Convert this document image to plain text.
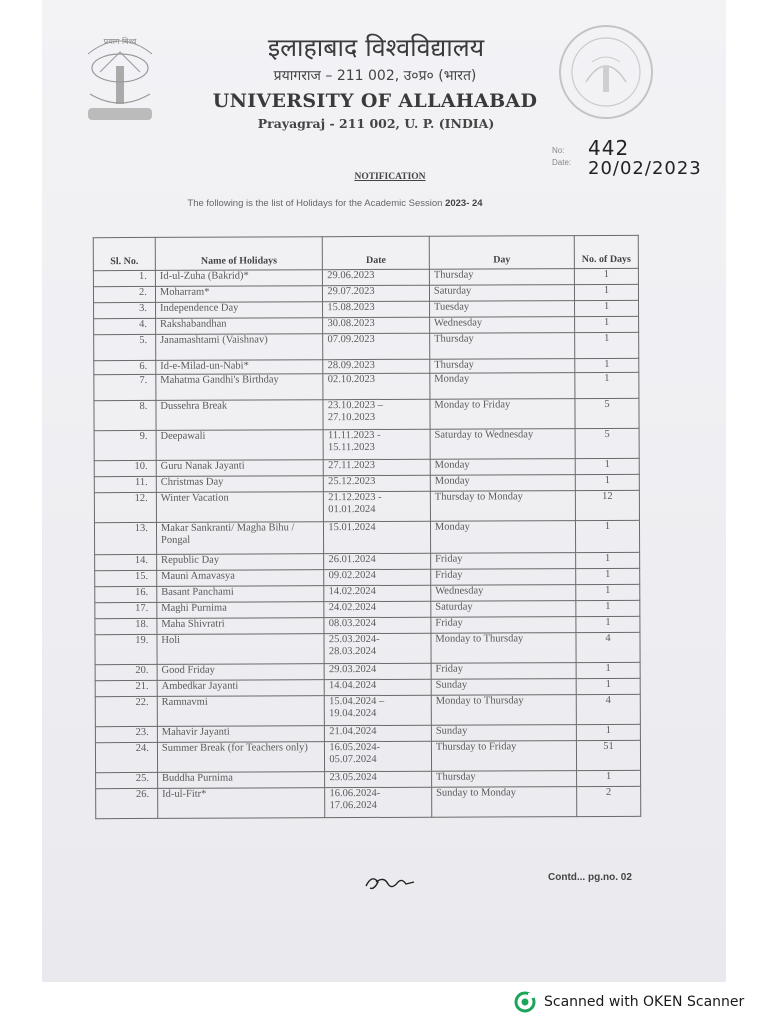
प्रयाग विश्व	इलाहाबाद विश्वविद्यालय
प्रयागराज – 211 002, उ०प्र० (भारत)
UNIVERSITY OF ALLAHABAD
Prayagraj - 211 002, U. P. (INDIA)
No: 442
Date: 20/02/2023
NOTIFICATION
The following is the list of Holidays for the Academic Session 2023- 24
Sl. No.	Name of Holidays	Date	Day	No. of Days
1.	Id-ul-Zuha (Bakrid)*	29.06.2023	Thursday	1
2.	Moharram*	29.07.2023	Saturday	1
3.	Independence Day	15.08.2023	Tuesday	1
4.	Rakshabandhan	30.08.2023	Wednesday	1
5.	Janamashtami (Vaishnav)	07.09.2023	Thursday	1
6.	Id-e-Milad-un-Nabi*	28.09.2023	Thursday	1
7.	Mahatma Gandhi's Birthday	02.10.2023	Monday	1
8.	Dussehra Break	23.10.2023 – 27.10.2023	Monday to Friday	5
9.	Deepawali	11.11.2023 - 15.11.2023	Saturday to Wednesday	5
10.	Guru Nanak Jayanti	27.11.2023	Monday	1
11.	Christmas Day	25.12.2023	Monday	1
12.	Winter Vacation	21.12.2023 - 01.01.2024	Thursday to Monday	12
13.	Makar Sankranti/ Magha Bihu / Pongal	15.01.2024	Monday	1
14.	Republic Day	26.01.2024	Friday	1
15.	Mauni Amavasya	09.02.2024	Friday	1
16.	Basant Panchami	14.02.2024	Wednesday	1
17.	Maghi Purnima	24.02.2024	Saturday	1
18.	Maha Shivratri	08.03.2024	Friday	1
19.	Holi	25.03.2024- 28.03.2024	Monday to Thursday	4
20.	Good Friday	29.03.2024	Friday	1
21.	Ambedkar Jayanti	14.04.2024	Sunday	1
22.	Ramnavmi	15.04.2024 – 19.04.2024	Monday to Thursday	4
23.	Mahavir Jayanti	21.04.2024	Sunday	1
24.	Summer Break (for Teachers only)	16.05.2024- 05.07.2024	Thursday to Friday	51
25.	Buddha Purnima	23.05.2024	Thursday	1
26.	Id-ul-Fitr*	16.06.2024- 17.06.2024	Sunday to Monday	2
Contd... pg.no. 02
Scanned with OKEN Scanner
